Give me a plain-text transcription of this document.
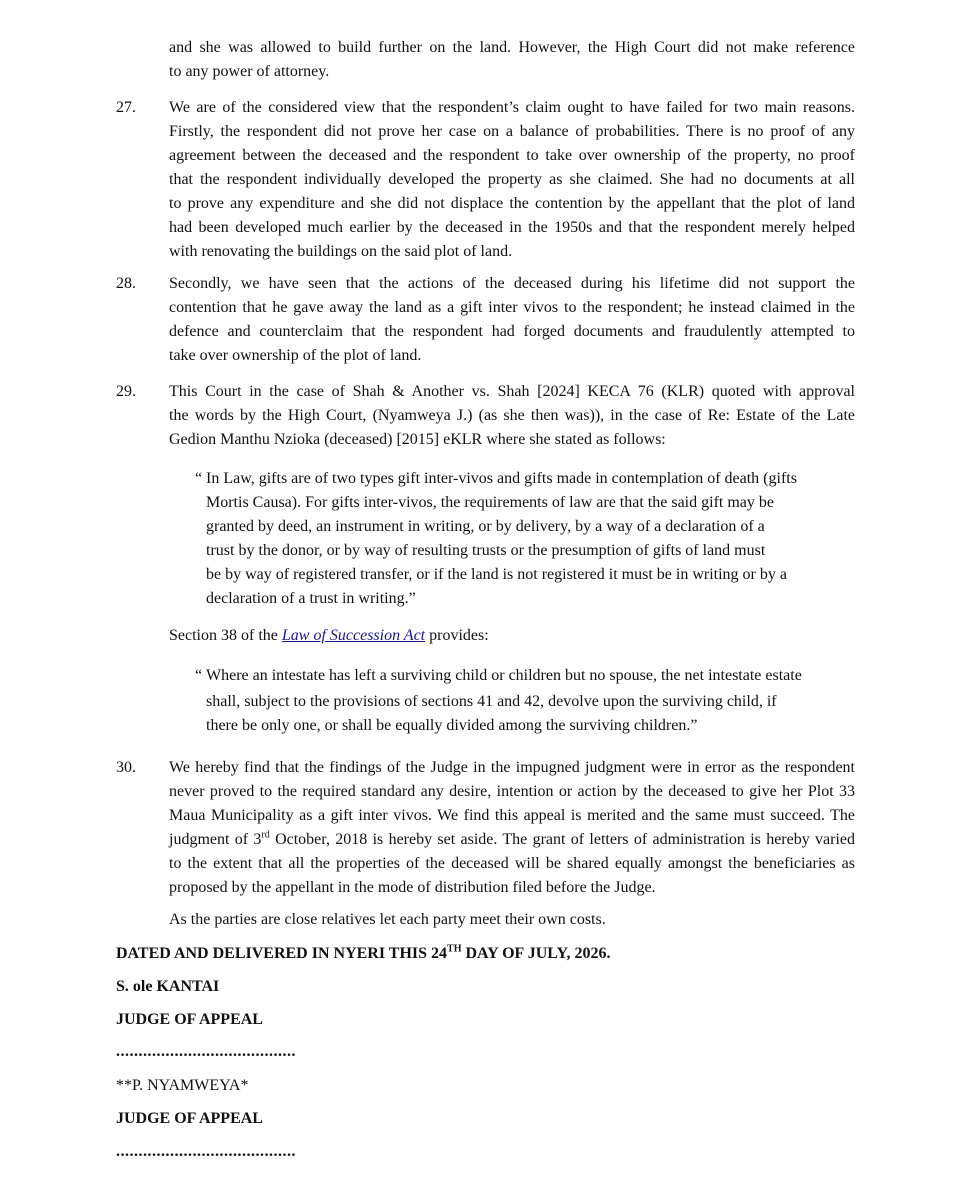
and she was allowed to build further on the land. However, the High Court did not make reference
to any power of attorney.
27. We are of the considered view that the respondent’s claim ought to have failed for two main reasons.
Firstly, the respondent did not prove her case on a balance of probabilities. There is no proof of any
agreement between the deceased and the respondent to take over ownership of the property, no proof
that the respondent individually developed the property as she claimed. She had no documents at all
to prove any expenditure and she did not displace the contention by the appellant that the plot of land
had been developed much earlier by the deceased in the 1950s and that the respondent merely helped
with renovating the buildings on the said plot of land.
28. Secondly, we have seen that the actions of the deceased during his lifetime did not support the
contention that he gave away the land as a gift inter vivos to the respondent; he instead claimed in the
defence and counterclaim that the respondent had forged documents and fraudulently attempted to
take over ownership of the plot of land.
29. This Court in the case of Shah & Another vs. Shah [2024] KECA 76 (KLR) quoted with approval
the words by the High Court, (Nyamweya J.) (as she then was)), in the case of Re: Estate of the Late
Gedion Manthu Nzioka (deceased) [2015] eKLR where she stated as follows:
“ In Law, gifts are of two types gift inter-vivos and gifts made in contemplation of death (gifts
Mortis Causa). For gifts inter-vivos, the requirements of law are that the said gift may be
granted by deed, an instrument in writing, or by delivery, by a way of a declaration of a
trust by the donor, or by way of resulting trusts or the presumption of gifts of land must
be by way of registered transfer, or if the land is not registered it must be in writing or by a
declaration of a trust in writing.”
Section 38 of the Law of Succession Act provides:
“ Where an intestate has left a surviving child or children but no spouse, the net intestate estate
shall, subject to the provisions of sections 41 and 42, devolve upon the surviving child, if
there be only one, or shall be equally divided among the surviving children.”
30. We hereby find that the findings of the Judge in the impugned judgment were in error as the respondent
never proved to the required standard any desire, intention or action by the deceased to give her Plot 33
Maua Municipality as a gift inter vivos. We find this appeal is merited and the same must succeed. The
judgment of 3rd October, 2018 is hereby set aside. The grant of letters of administration is hereby varied
to the extent that all the properties of the deceased will be shared equally amongst the beneficiaries as
proposed by the appellant in the mode of distribution filed before the Judge.
As the parties are close relatives let each party meet their own costs.
DATED AND DELIVERED IN NYERI THIS 24TH DAY OF JULY, 2026.
S. ole KANTAI
JUDGE OF APPEAL
........................................
**P. NYAMWEYA*
JUDGE OF APPEAL
........................................
